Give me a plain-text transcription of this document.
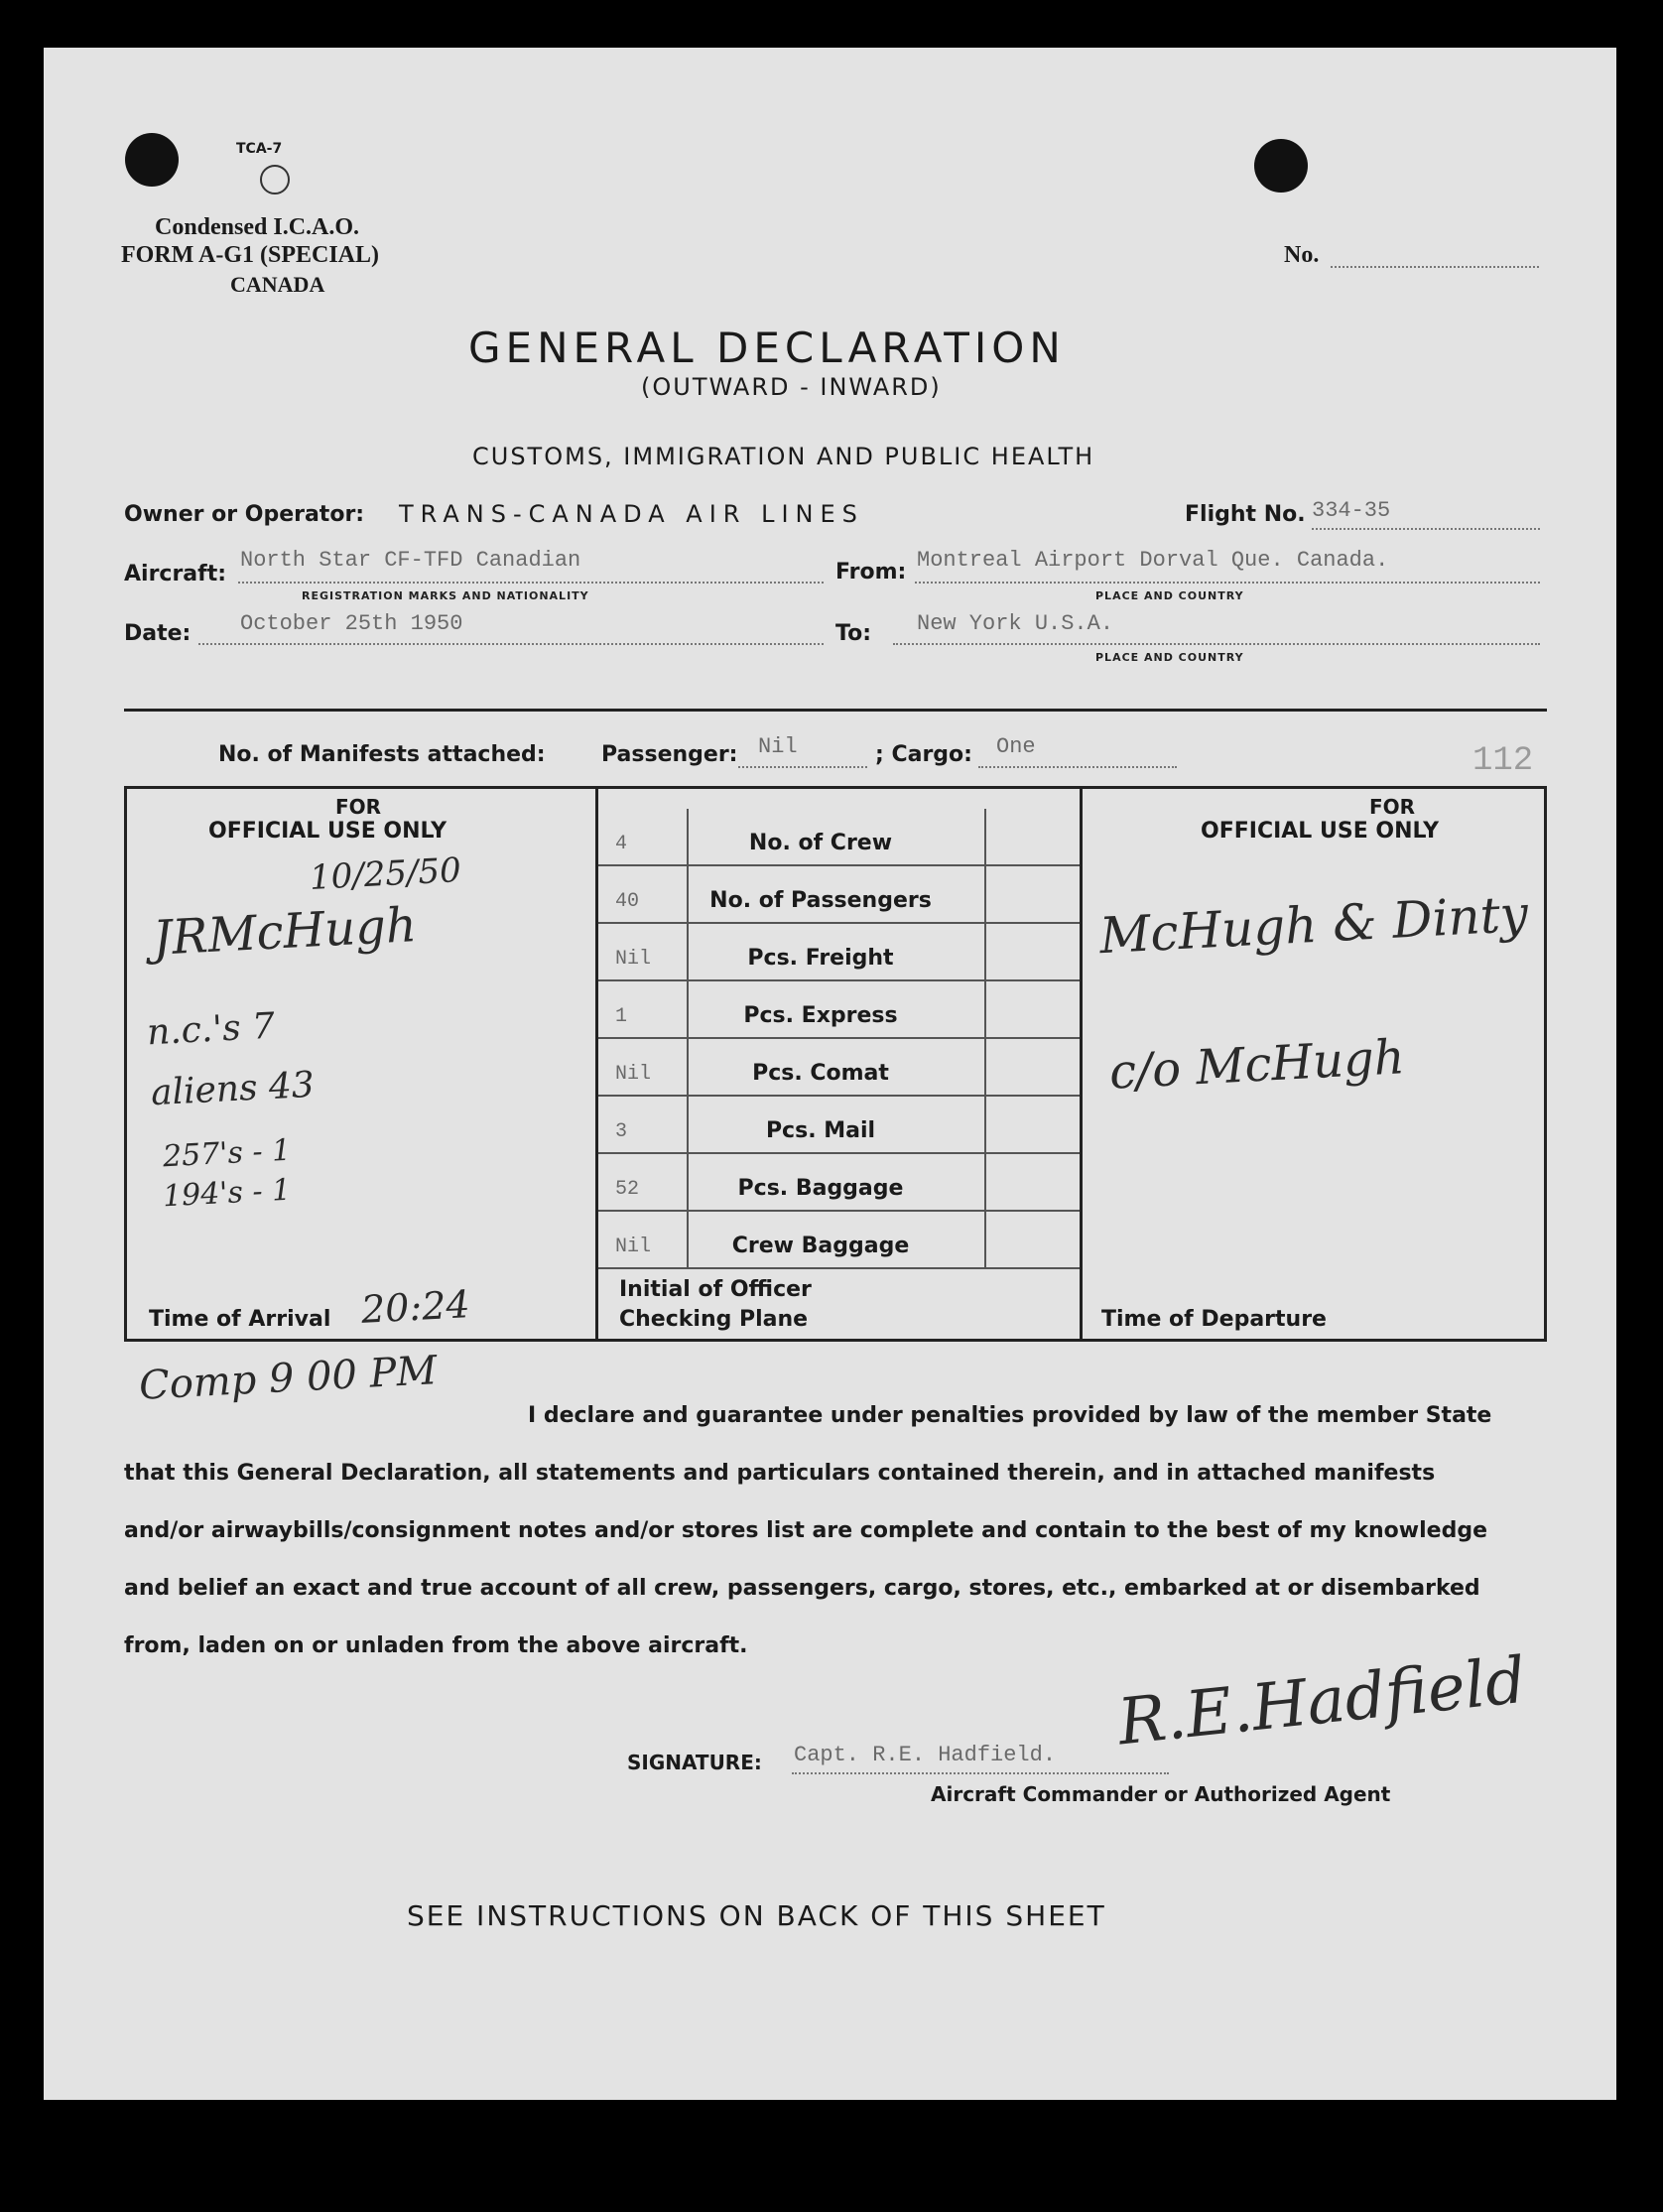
TCA-7
Condensed I.C.A.O.
FORM A-G1 (SPECIAL)
CANADA
No.
GENERAL DECLARATION
(OUTWARD - INWARD)
CUSTOMS, IMMIGRATION AND PUBLIC HEALTH
Owner or Operator: TRANS-CANADA AIR LINES	Flight No. 334-35
Aircraft:
North Star CF-TFD Canadian
REGISTRATION MARKS AND NATIONALITY
From: Montreal Airport Dorval Que. Canada.
PLACE AND COUNTRY
Date: October 25th 1950	To: New York U.S.A.
PLACE AND COUNTRY
No. of Manifests attached:	Passenger: Nil	; Cargo: One	112
FOR
OFFICIAL USE ONLY
10/25/50
JRMcHugh
n.c.'s 7
aliens 43
257's - 1
194's - 1
Time of Arrival 20:24
4	No. of Crew
40	No. of Passengers
Nil	Pcs. Freight
1	Pcs. Express
Nil	Pcs. Comat
3	Pcs. Mail
52	Pcs. Baggage
Nil	Crew Baggage
Initial of Officer
Checking Plane
FOR
OFFICIAL USE ONLY
McHugh & Dinty
c/o McHugh
Time of Departure
Comp 9 00 PM
I declare and guarantee under penalties provided by law of the member State
that this General Declaration, all statements and particulars contained therein, and in attached manifests
and/or airwaybills/consignment notes and/or stores list are complete and contain to the best of my knowledge
and belief an exact and true account of all crew, passengers, cargo, stores, etc., embarked at or disembarked
from, laden on or unladen from the above aircraft.
SIGNATURE: Capt. R.E. Hadfield. R.E.Hadfield
Aircraft Commander or Authorized Agent
SEE INSTRUCTIONS ON BACK OF THIS SHEET
